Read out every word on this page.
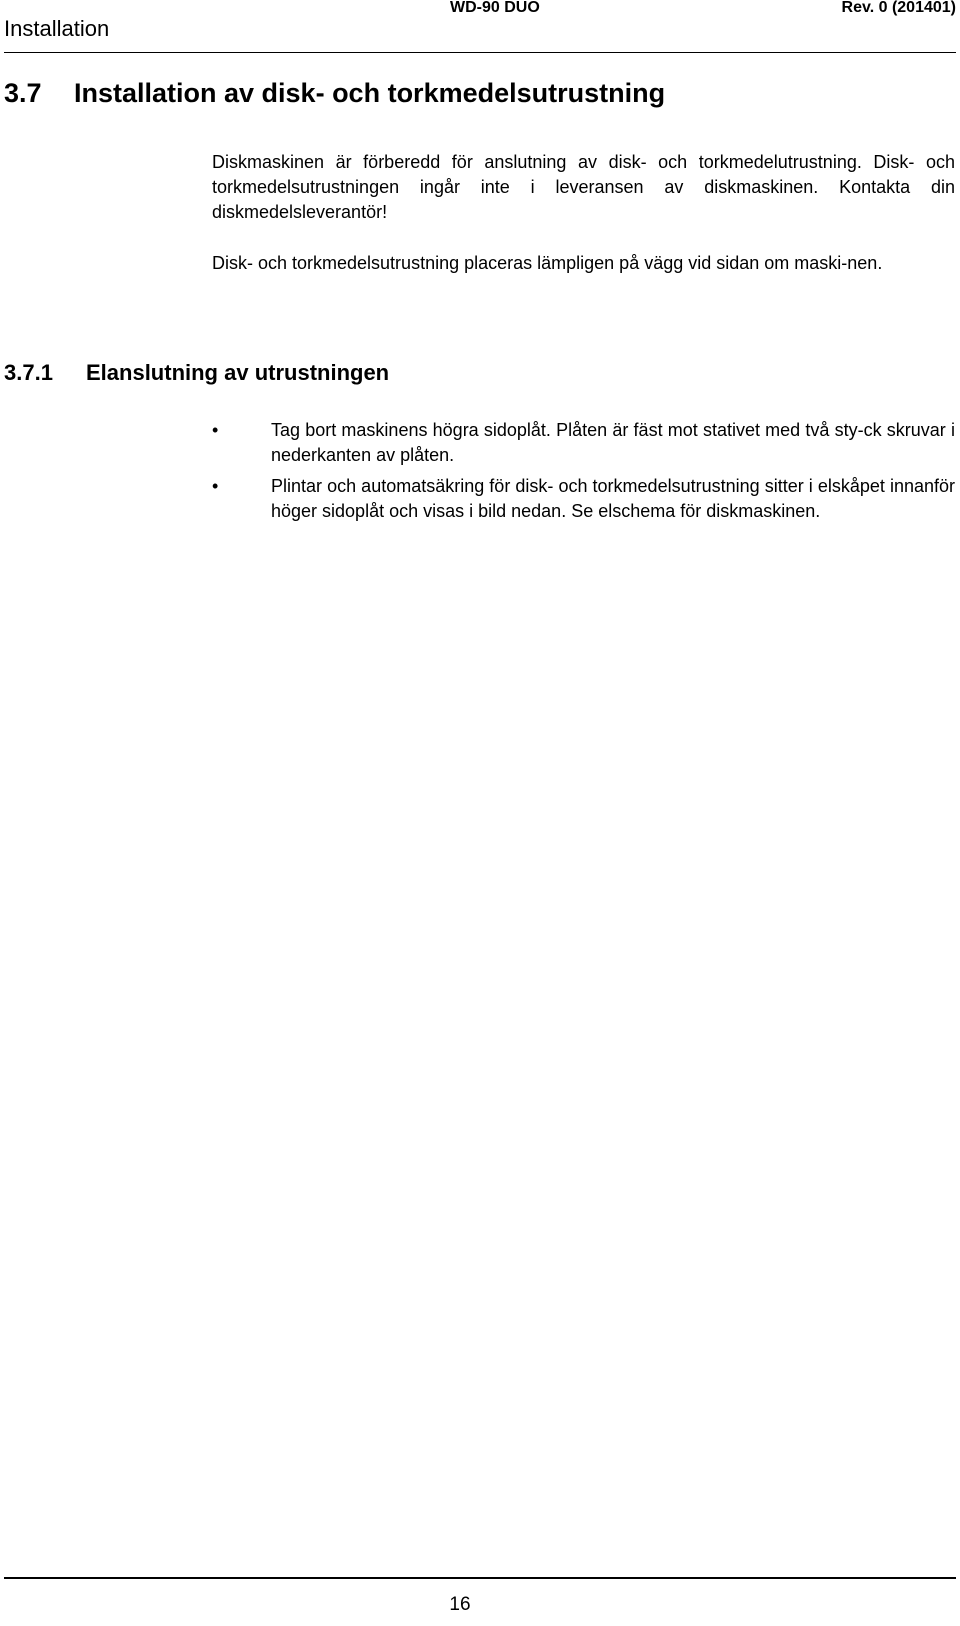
Installation
WD-90 DUO	Rev. 0 (201401)
3.7 Installation av disk- och torkmedelsutrustning

Diskmaskinen är förberedd för anslutning av disk- och torkmedelutrustning. Disk- och torkmedelsutrustningen ingår inte i leveransen av diskmaskinen. Kontakta din diskmedelsleverantör!

Disk- och torkmedelsutrustning placeras lämpligen på vägg vid sidan om maski-nen.

3.7.1 Elanslutning av utrustningen
•	Tag bort maskinens högra sidoplåt. Plåten är fäst mot stativet med två sty-ck skruvar i nederkanten av plåten.
•	Plintar och automatsäkring för disk- och torkmedelsutrustning sitter i elskåpet innanför höger sidoplåt och visas i bild nedan. Se elschema för diskmaskinen.
16
